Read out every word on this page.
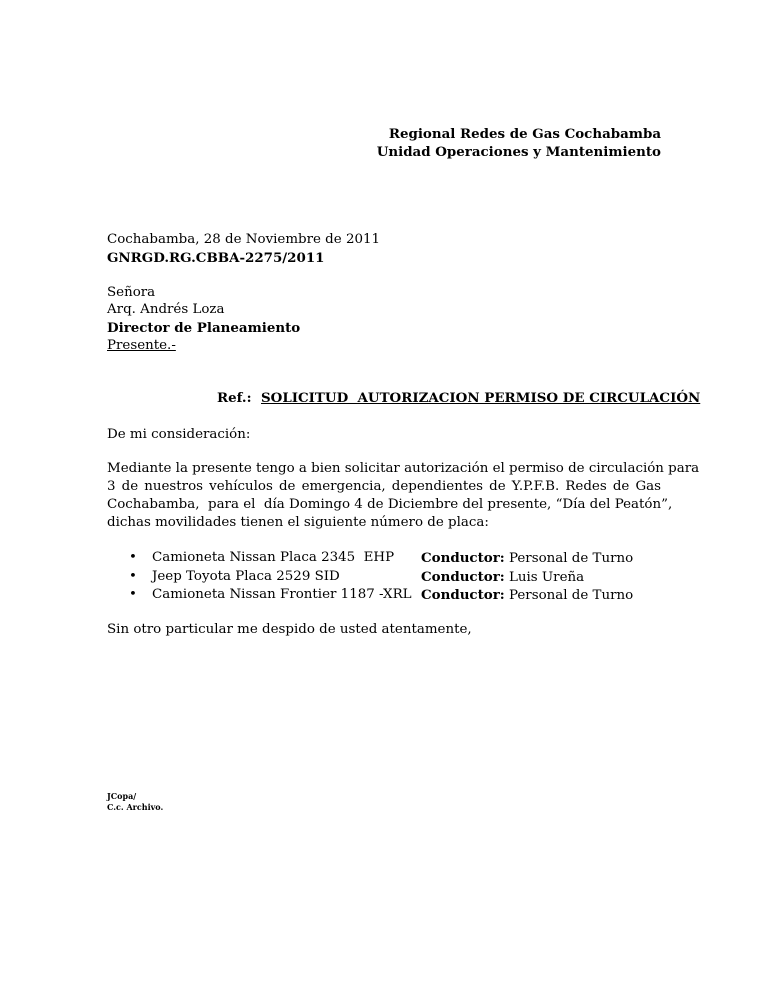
Regional Redes de Gas Cochabamba
Unidad Operaciones y Mantenimiento
Cochabamba, 28 de Noviembre de 2011
GNRGD.RG.CBBA-2275/2011
Señora
Arq. Andrés Loza
Director de Planeamiento
Presente.-
Ref.: SOLICITUD  AUTORIZACION PERMISO DE CIRCULACIÓN
De mi consideración:
Mediante la presente tengo a bien solicitar autorización el permiso de circulación para
3 de nuestros vehículos de emergencia, dependientes de Y.P.F.B. Redes de Gas
Cochabamba,  para el  día Domingo 4 de Diciembre del presente, “Día del Peatón”,
dichas movilidades tienen el siguiente número de placa:
• Camioneta Nissan Placa 2345  EHP Conductor: Personal de Turno
• Jeep Toyota Placa 2529 SID	Conductor: Luis Ureña
• Camioneta Nissan Frontier 1187 -XRL Conductor: Personal de Turno
Sin otro particular me despido de usted atentamente,
JCopa/
C.c. Archivo.
